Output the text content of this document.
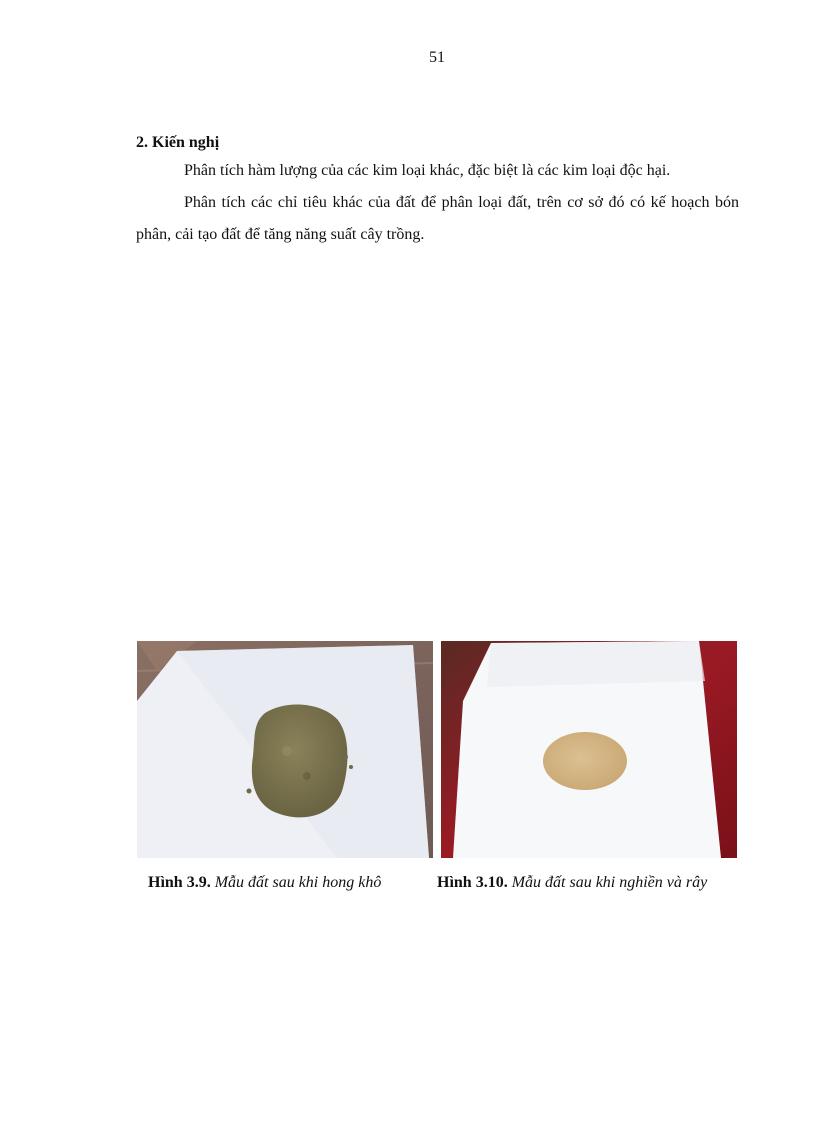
51

2. Kiến nghị

Phân tích hàm lượng của các kim loại khác, đặc biệt là các kim loại độc hại.

Phân tích các chỉ tiêu khác của đất để phân loại đất, trên cơ sở đó có kế hoạch bón phân, cải tạo đất để tăng năng suất cây trồng.

Hình 3.9. Mẫu đất sau khi hong khô	Hình 3.10. Mẫu đất sau khi nghiền và rây
